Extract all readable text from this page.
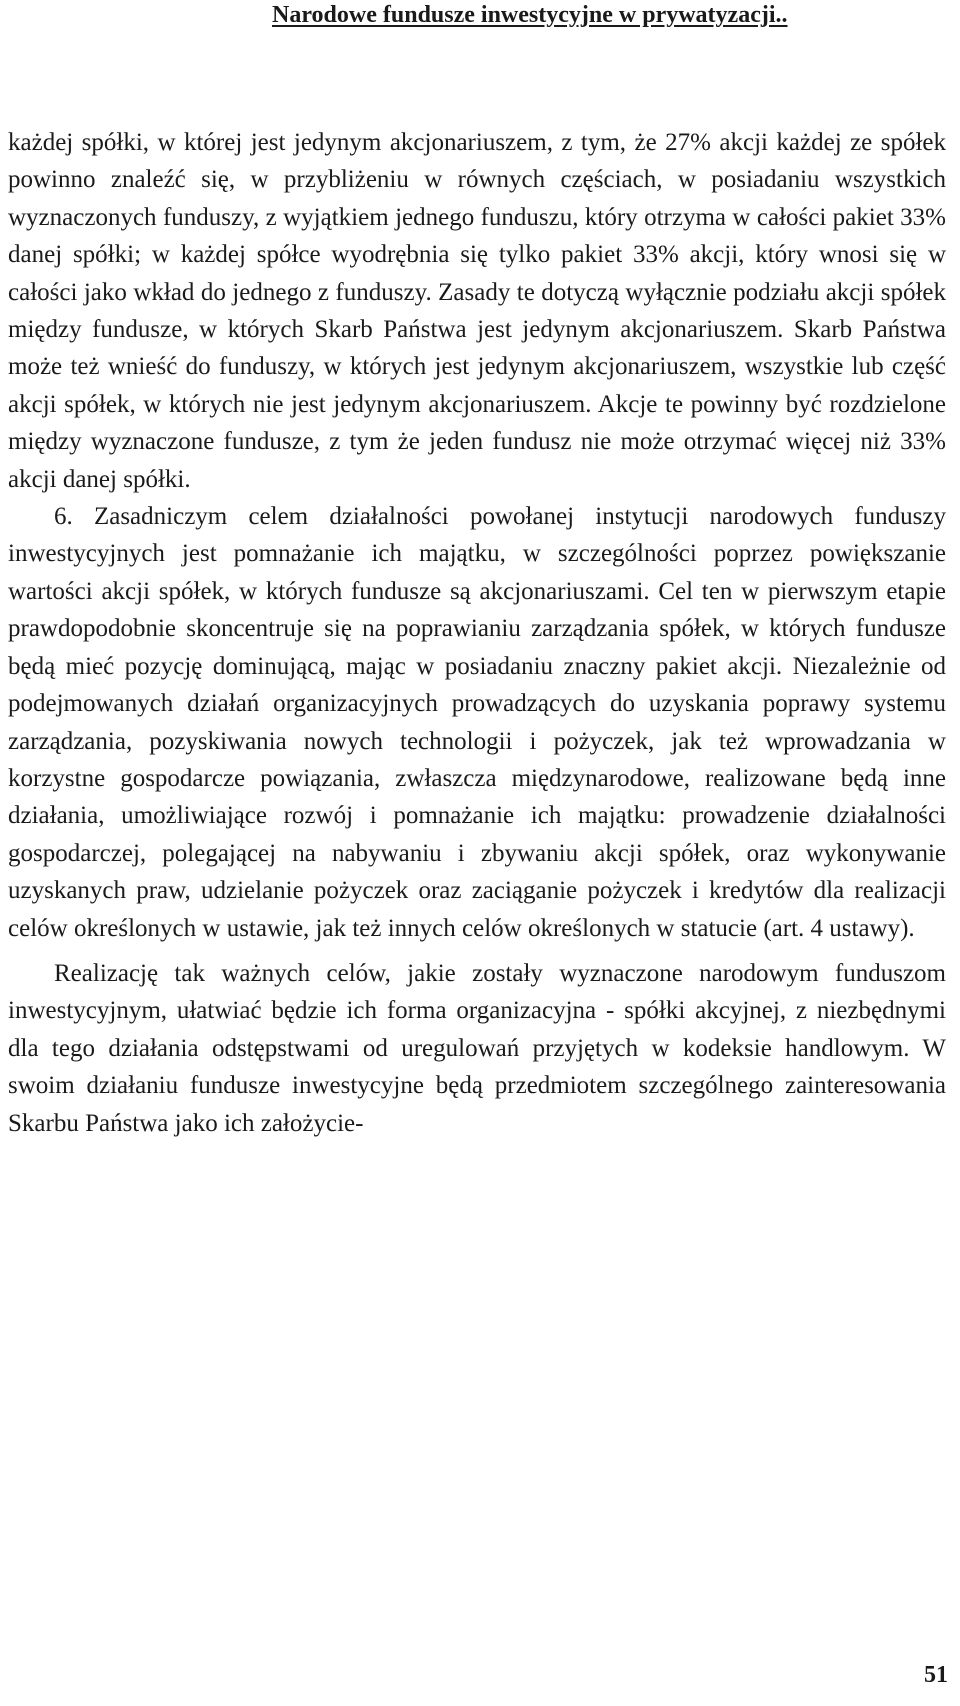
Narodowe fundusze inwestycyjne w prywatyzacji..

każdej spółki, w której jest jedynym akcjonariuszem, z tym, że 27% akcji każdej ze spółek powinno znaleźć się, w przybliżeniu w równych częściach, w posiadaniu wszystkich wyznaczonych funduszy, z wyjątkiem jednego funduszu, który otrzyma w całości pakiet 33% danej spółki; w każdej spółce wyodrębnia się tylko pakiet 33% akcji, który wnosi się w całości jako wkład do jednego z funduszy. Zasady te dotyczą wyłącznie podziału akcji spółek między fundusze, w których Skarb Państwa jest jedynym akcjonariuszem. Skarb Państwa może też wnieść do funduszy, w których jest jedynym akcjonariuszem, wszystkie lub część akcji spółek, w których nie jest jedynym akcjonariuszem. Akcje te powinny być rozdzielone między wyznaczone fundusze, z tym że jeden fundusz nie może otrzymać więcej niż 33% akcji danej spółki.

6. Zasadniczym celem działalności powołanej instytucji narodowych funduszy inwestycyjnych jest pomnażanie ich majątku, w szczególności poprzez powiększanie wartości akcji spółek, w których fundusze są akcjonariuszami. Cel ten w pierwszym etapie prawdopodobnie skoncentruje się na poprawianiu zarządzania spółek, w których fundusze będą mieć pozycję dominującą, mając w posiadaniu znaczny pakiet akcji. Niezależnie od podejmowanych działań organizacyjnych prowadzących do uzyskania poprawy systemu zarządzania, pozyskiwania nowych technologii i pożyczek, jak też wprowadzania w korzystne gospodarcze powiązania, zwłaszcza międzynarodowe, realizowane będą inne działania, umożliwiające rozwój i pomnażanie ich majątku: prowadzenie działalności gospodarczej, polegającej na nabywaniu i zbywaniu akcji spółek, oraz wykonywanie uzyskanych praw, udzielanie pożyczek oraz zaciąganie pożyczek i kredytów dla realizacji celów określonych w ustawie, jak też innych celów określonych w statucie (art. 4 ustawy).

Realizację tak ważnych celów, jakie zostały wyznaczone narodowym funduszom inwestycyjnym, ułatwiać będzie ich forma organizacyjna - spółki akcyjnej, z niezbędnymi dla tego działania odstępstwami od uregulowań przyjętych w kodeksie handlowym. W swoim działaniu fundusze inwestycyjne będą przedmiotem szczególnego zainteresowania Skarbu Państwa jako ich założycie-

51
